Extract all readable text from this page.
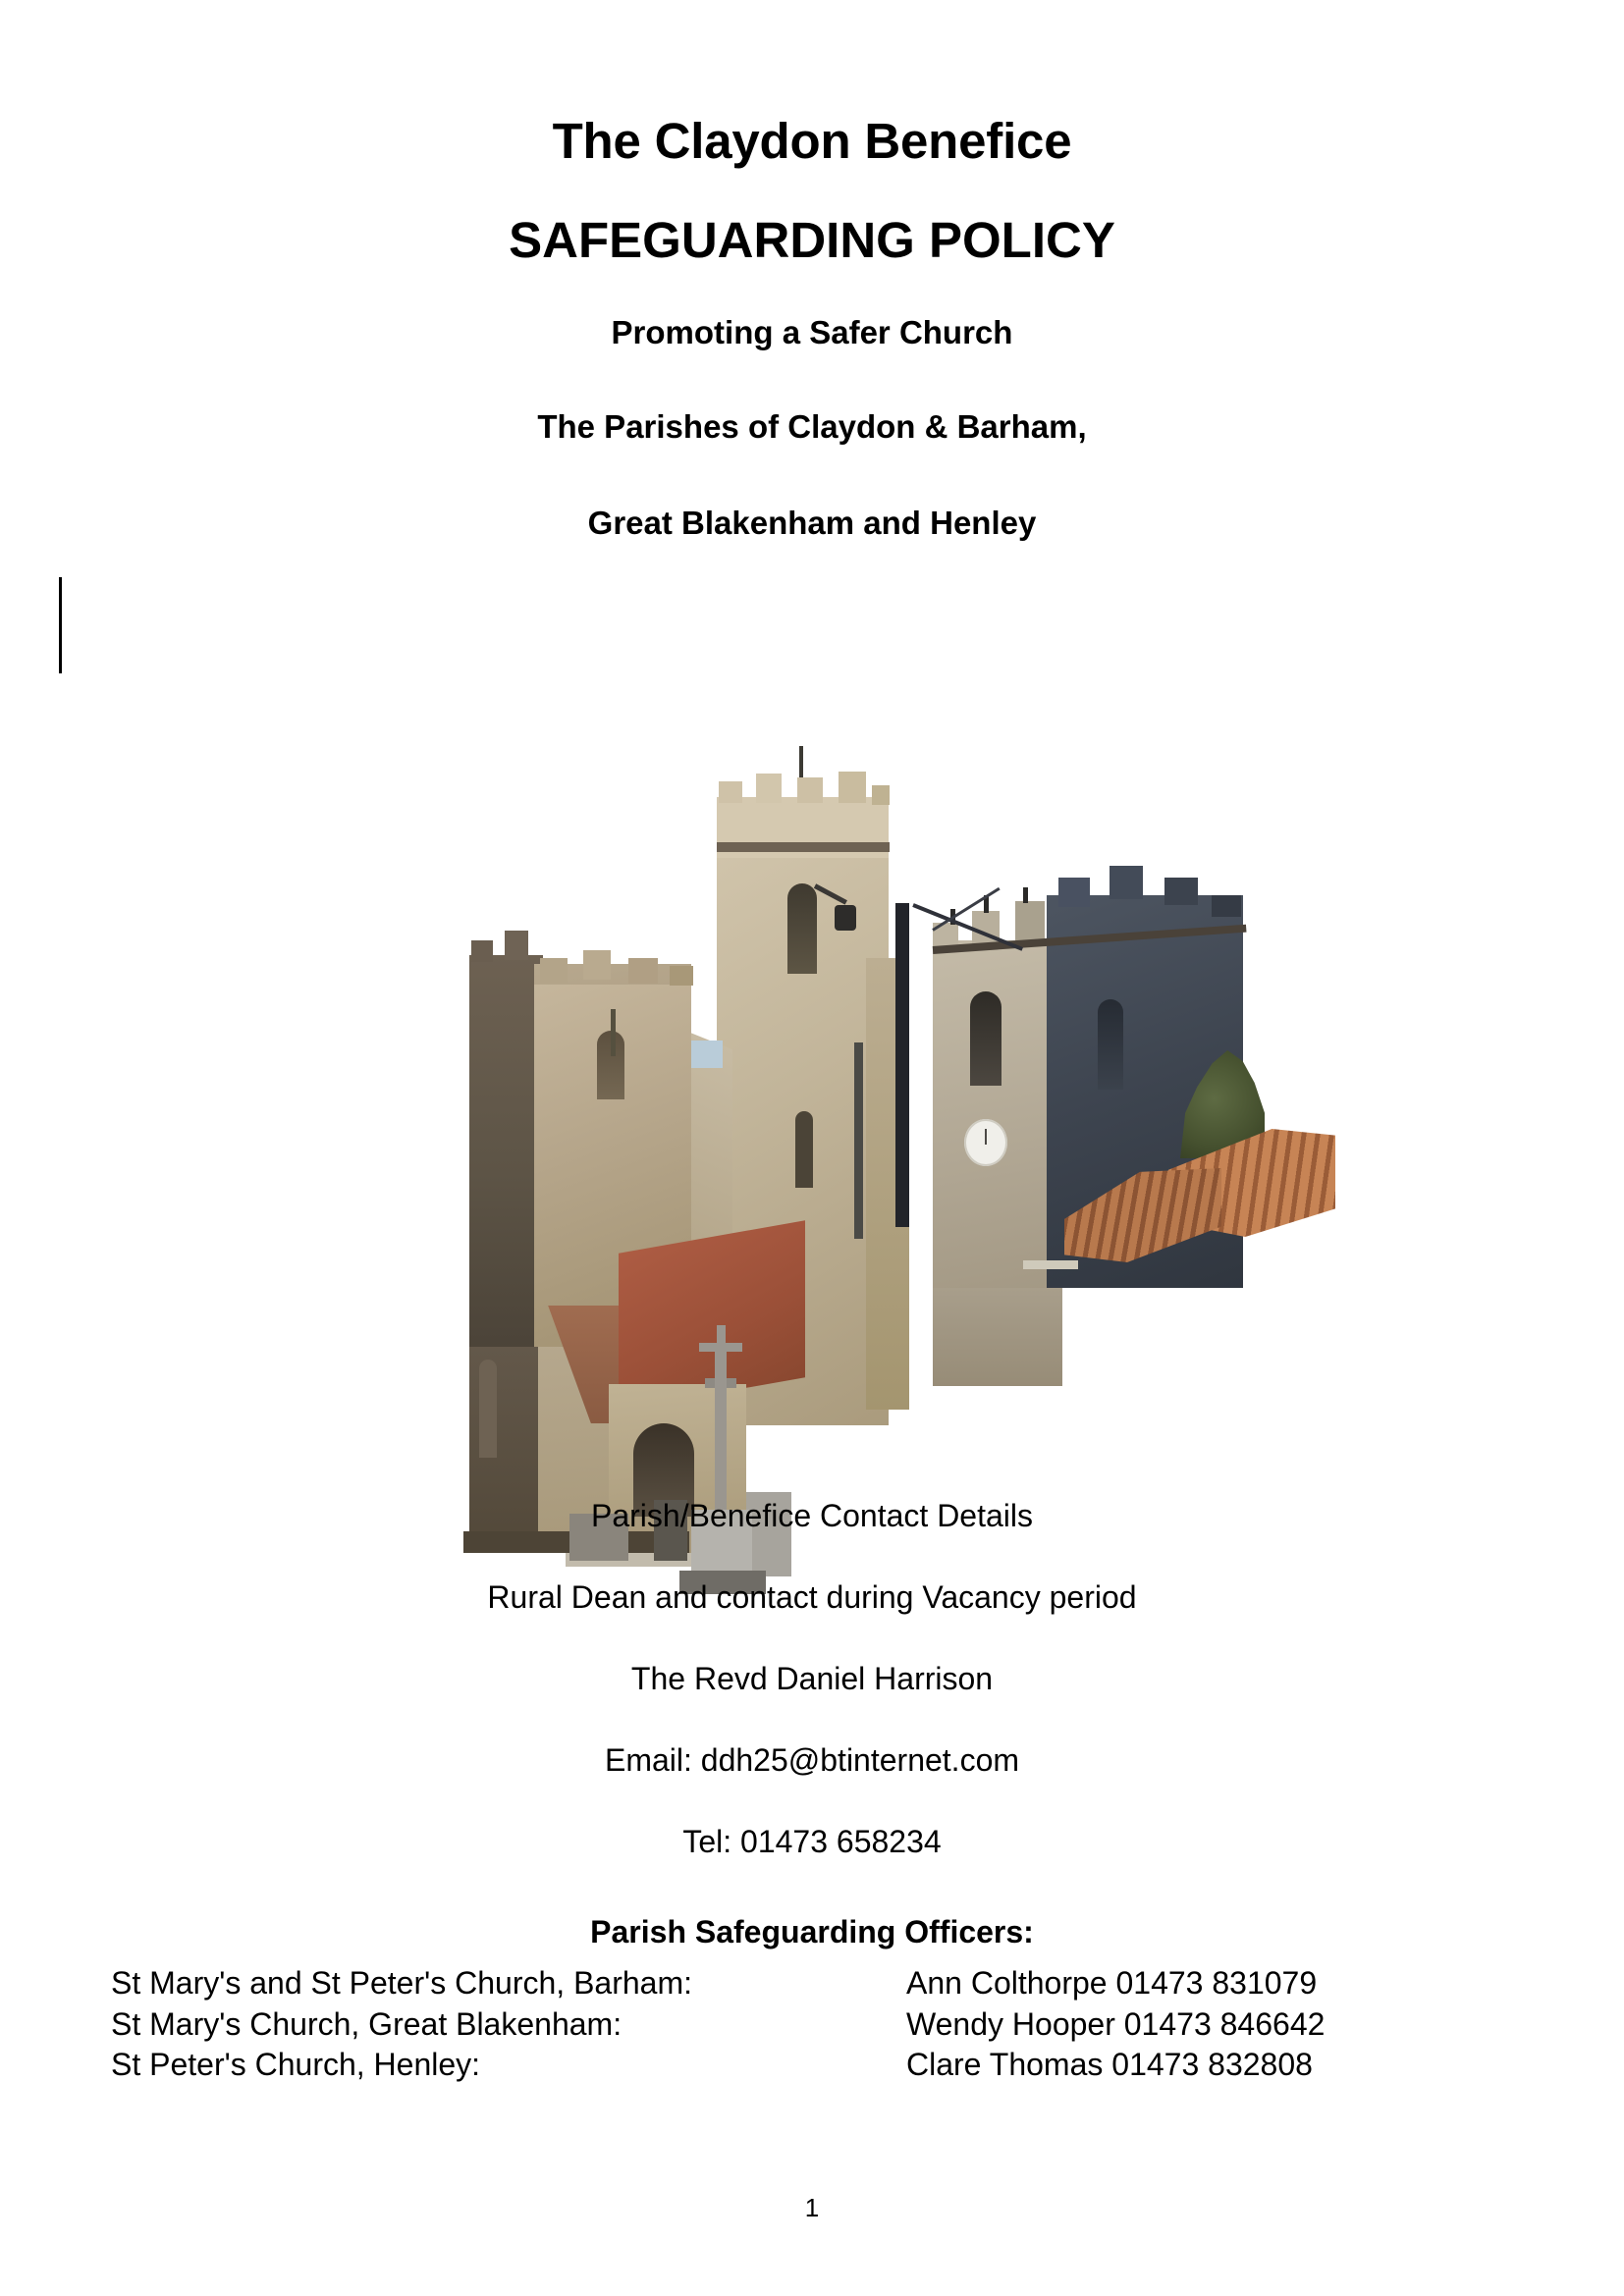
The Claydon Benefice
SAFEGUARDING POLICY
Promoting a Safer Church
The Parishes of Claydon & Barham,
Great Blakenham and Henley
Parish/Benefice Contact Details
Rural Dean and contact during Vacancy period
The Revd Daniel Harrison
Email: ddh25@btinternet.com
Tel: 01473 658234
Parish Safeguarding Officers:
St Mary's and St Peter's Church, Barham:	Ann Colthorpe 01473 831079
St Mary's Church, Great Blakenham:	Wendy Hooper 01473 846642
St Peter's Church, Henley:	Clare Thomas 01473 832808
1
